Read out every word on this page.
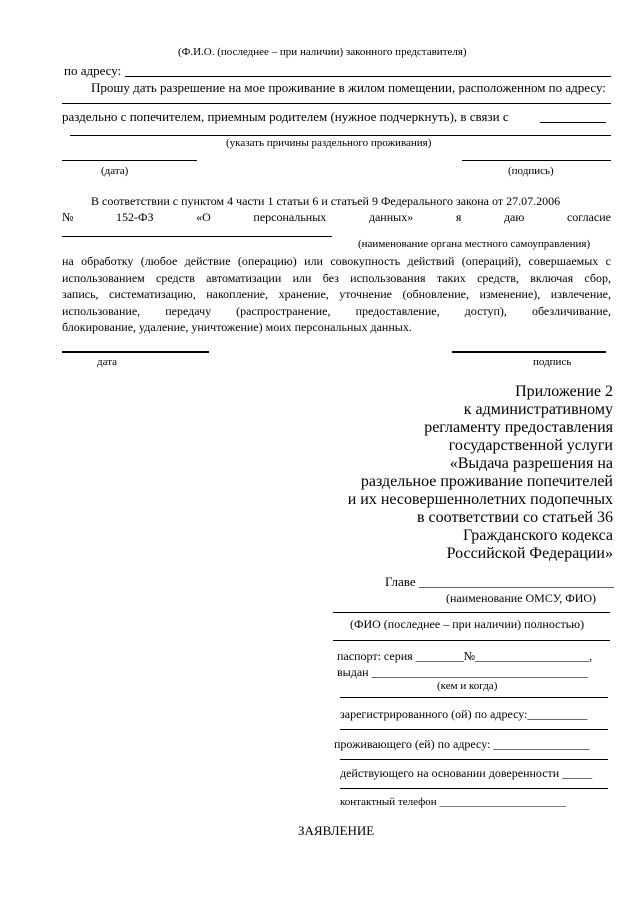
(Ф.И.О. (последнее – при наличии) законного представителя)
по адресу:
Прошу дать разрешение на мое проживание в жилом помещении, расположенном по адресу:
раздельно с попечителем, приемным родителем (нужное подчеркнуть), в связи с
(указать причины раздельного проживания)
(дата)	(подпись)
В соответствии с пунктом 4 части 1 статьи 6 и статьей 9 Федерального закона от 27.07.2006
№	152-ФЗ	«О	персональных	данных»	я	даю	согласие
(наименование органа местного самоуправления)
на обработку (любое действие (операцию) или совокупность действий (операций), совершаемых с
использованием средств автоматизации или без использования таких средств, включая сбор,
запись, систематизацию, накопление, хранение, уточнение (обновление, изменение), извлечение,
использование, передачу (распространение, предоставление, доступ), обезличивание,
блокирование, удаление, уничтожение) моих персональных данных.
дата	подпись
Приложение 2
к административному
регламенту предоставления
государственной услуги
«Выдача разрешения на
раздельное проживание попечителей
и их несовершеннолетних подопечных
в соответствии со статьей 36
Гражданского кодекса
Российской Федерации»
Главе ______________________________
(наименование ОМСУ, ФИО)
(ФИО (последнее – при наличии) полностью)
паспорт: серия ________№___________________,
выдан ____________________________________
(кем и когда)
зарегистрированного (ой) по адресу:__________
проживающего (ей) по адресу: ________________
действующего на основании доверенности _____
контактный телефон _______________________
ЗАЯВЛЕНИЕ
